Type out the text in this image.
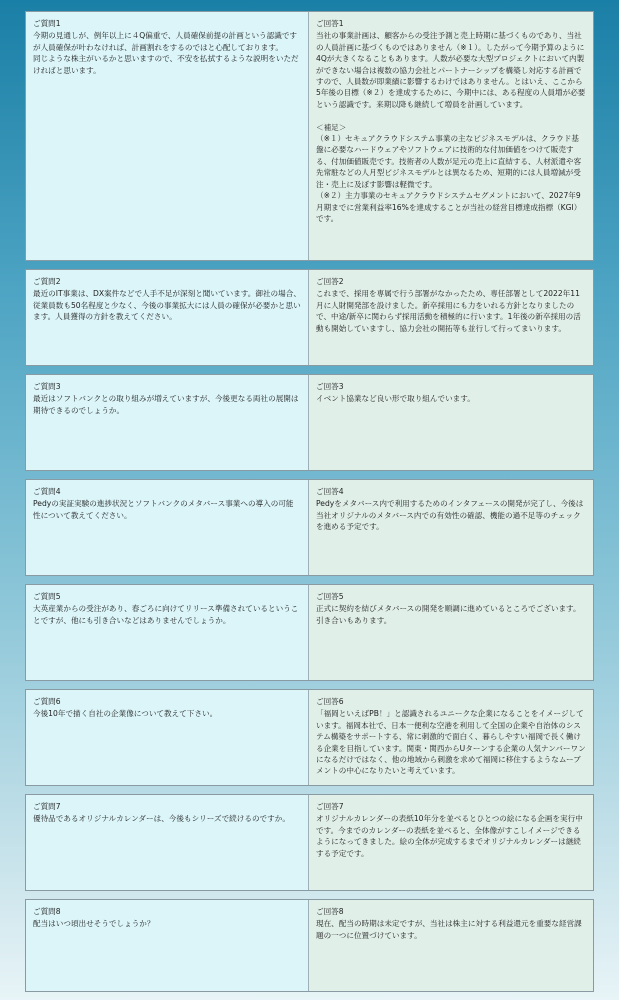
ご質問1
今期の見通しが、例年以上に４Q偏重で、人員確保前提の計画という認識ですが人員確保が叶わなければ、計画割れをするのではと心配しております。
同じような株主がいるかと思いますので、不安を払拭するような説明をいただければと思います。
ご回答1
当社の事業計画は、顧客からの受注予測と売上時期に基づくものであり、当社の人員計画に基づくものではありません（※１）。したがって今期予算のように4Qが大きくなることもあります。人数が必要な大型プロジェクトにおいて内製ができない場合は複数の協力会社とパートナーシップを構築し対応する計画ですので、人員数が即業績に影響するわけではありません。とはいえ、ここから5年後の目標（※２）を達成するために、今期中には、ある程度の人員増が必要という認識です。来期以降も継続して増員を計画しています。

＜補足＞
（※１）セキュアクラウドシステム事業の主なビジネスモデルは、クラウド基盤に必要なハードウェアやソフトウェアに技術的な付加価値をつけて販売する、付加価値販売です。技術者の人数が足元の売上に直結する、人材派遣や客先常駐などの人月型ビジネスモデルとは異なるため、短期的には人員増減が受注・売上に及ぼす影響は軽微です。
（※２）主力事業のセキュアクラウドシステムセグメントにおいて、2027年9月期までに営業利益率16%を達成することが当社の経営目標達成指標（KGI）です。
ご質問2
最近のIT事業は、DX案件などで人手不足が深刻と聞いています。御社の場合、従業員数も50名程度と少なく、今後の事業拡大には人員の確保が必要かと思います。人員獲得の方針を教えてください。
ご回答2
これまで、採用を専属で行う部署がなかったため、専任部署として2022年11月に人財開発部を設けました。新卒採用にも力をいれる方針となりましたので、中途/新卒に関わらず採用活動を積極的に行います。1年後の新卒採用の活動も開始していますし、協力会社の開拓等も並行して行ってまいります。
ご質問3
最近はソフトバンクとの取り組みが増えていますが、今後更なる両社の展開は期待できるのでしょうか。
ご回答3
イベント協業など良い形で取り組んでいます。
ご質問4
Pedyの実証実験の進捗状況とソフトバンクのメタバース事業への導入の可能性について教えてください。
ご回答4
Pedyをメタバース内で利用するためのインタフェースの開発が完了し、今後は当社オリジナルのメタバース内での有効性の確認、機能の過不足等のチェックを進める予定です。
ご質問5
大英産業からの受注があり、春ごろに向けてリリース準備されているということですが、他にも引き合いなどはありませんでしょうか。
ご回答5
正式に契約を結びメタバースの開発を順調に進めているところでございます。引き合いもあります。
ご質問6
今後10年で描く自社の企業像について教えて下さい。
ご回答6
「福岡といえばPB！」と認識されるユニークな企業になることをイメージしています。福岡本社で、日本一便利な空港を利用して全国の企業や自治体のシステム構築をサポートする、常に刺激的で面白く、暮らしやすい福岡で長く働ける企業を目指しています。関東・関西からUターンする企業の人気ナンバーワンになるだけではなく、他の地域から刺激を求めて福岡に移住するようなムーブメントの中心になりたいと考えています。
ご質問7
優待品であるオリジナルカレンダーは、今後もシリーズで続けるのですか。
ご回答7
オリジナルカレンダーの表紙10年分を並べるとひとつの絵になる企画を実行中です。今までのカレンダーの表紙を並べると、全体像がすこしイメージできるようになってきました。絵の全体が完成するまでオリジナルカレンダーは継続する予定です。
ご質問8
配当はいつ頃出せそうでしょうか？
ご回答8
現在、配当の時期は未定ですが、当社は株主に対する利益還元を重要な経営課題の一つに位置づけています。
